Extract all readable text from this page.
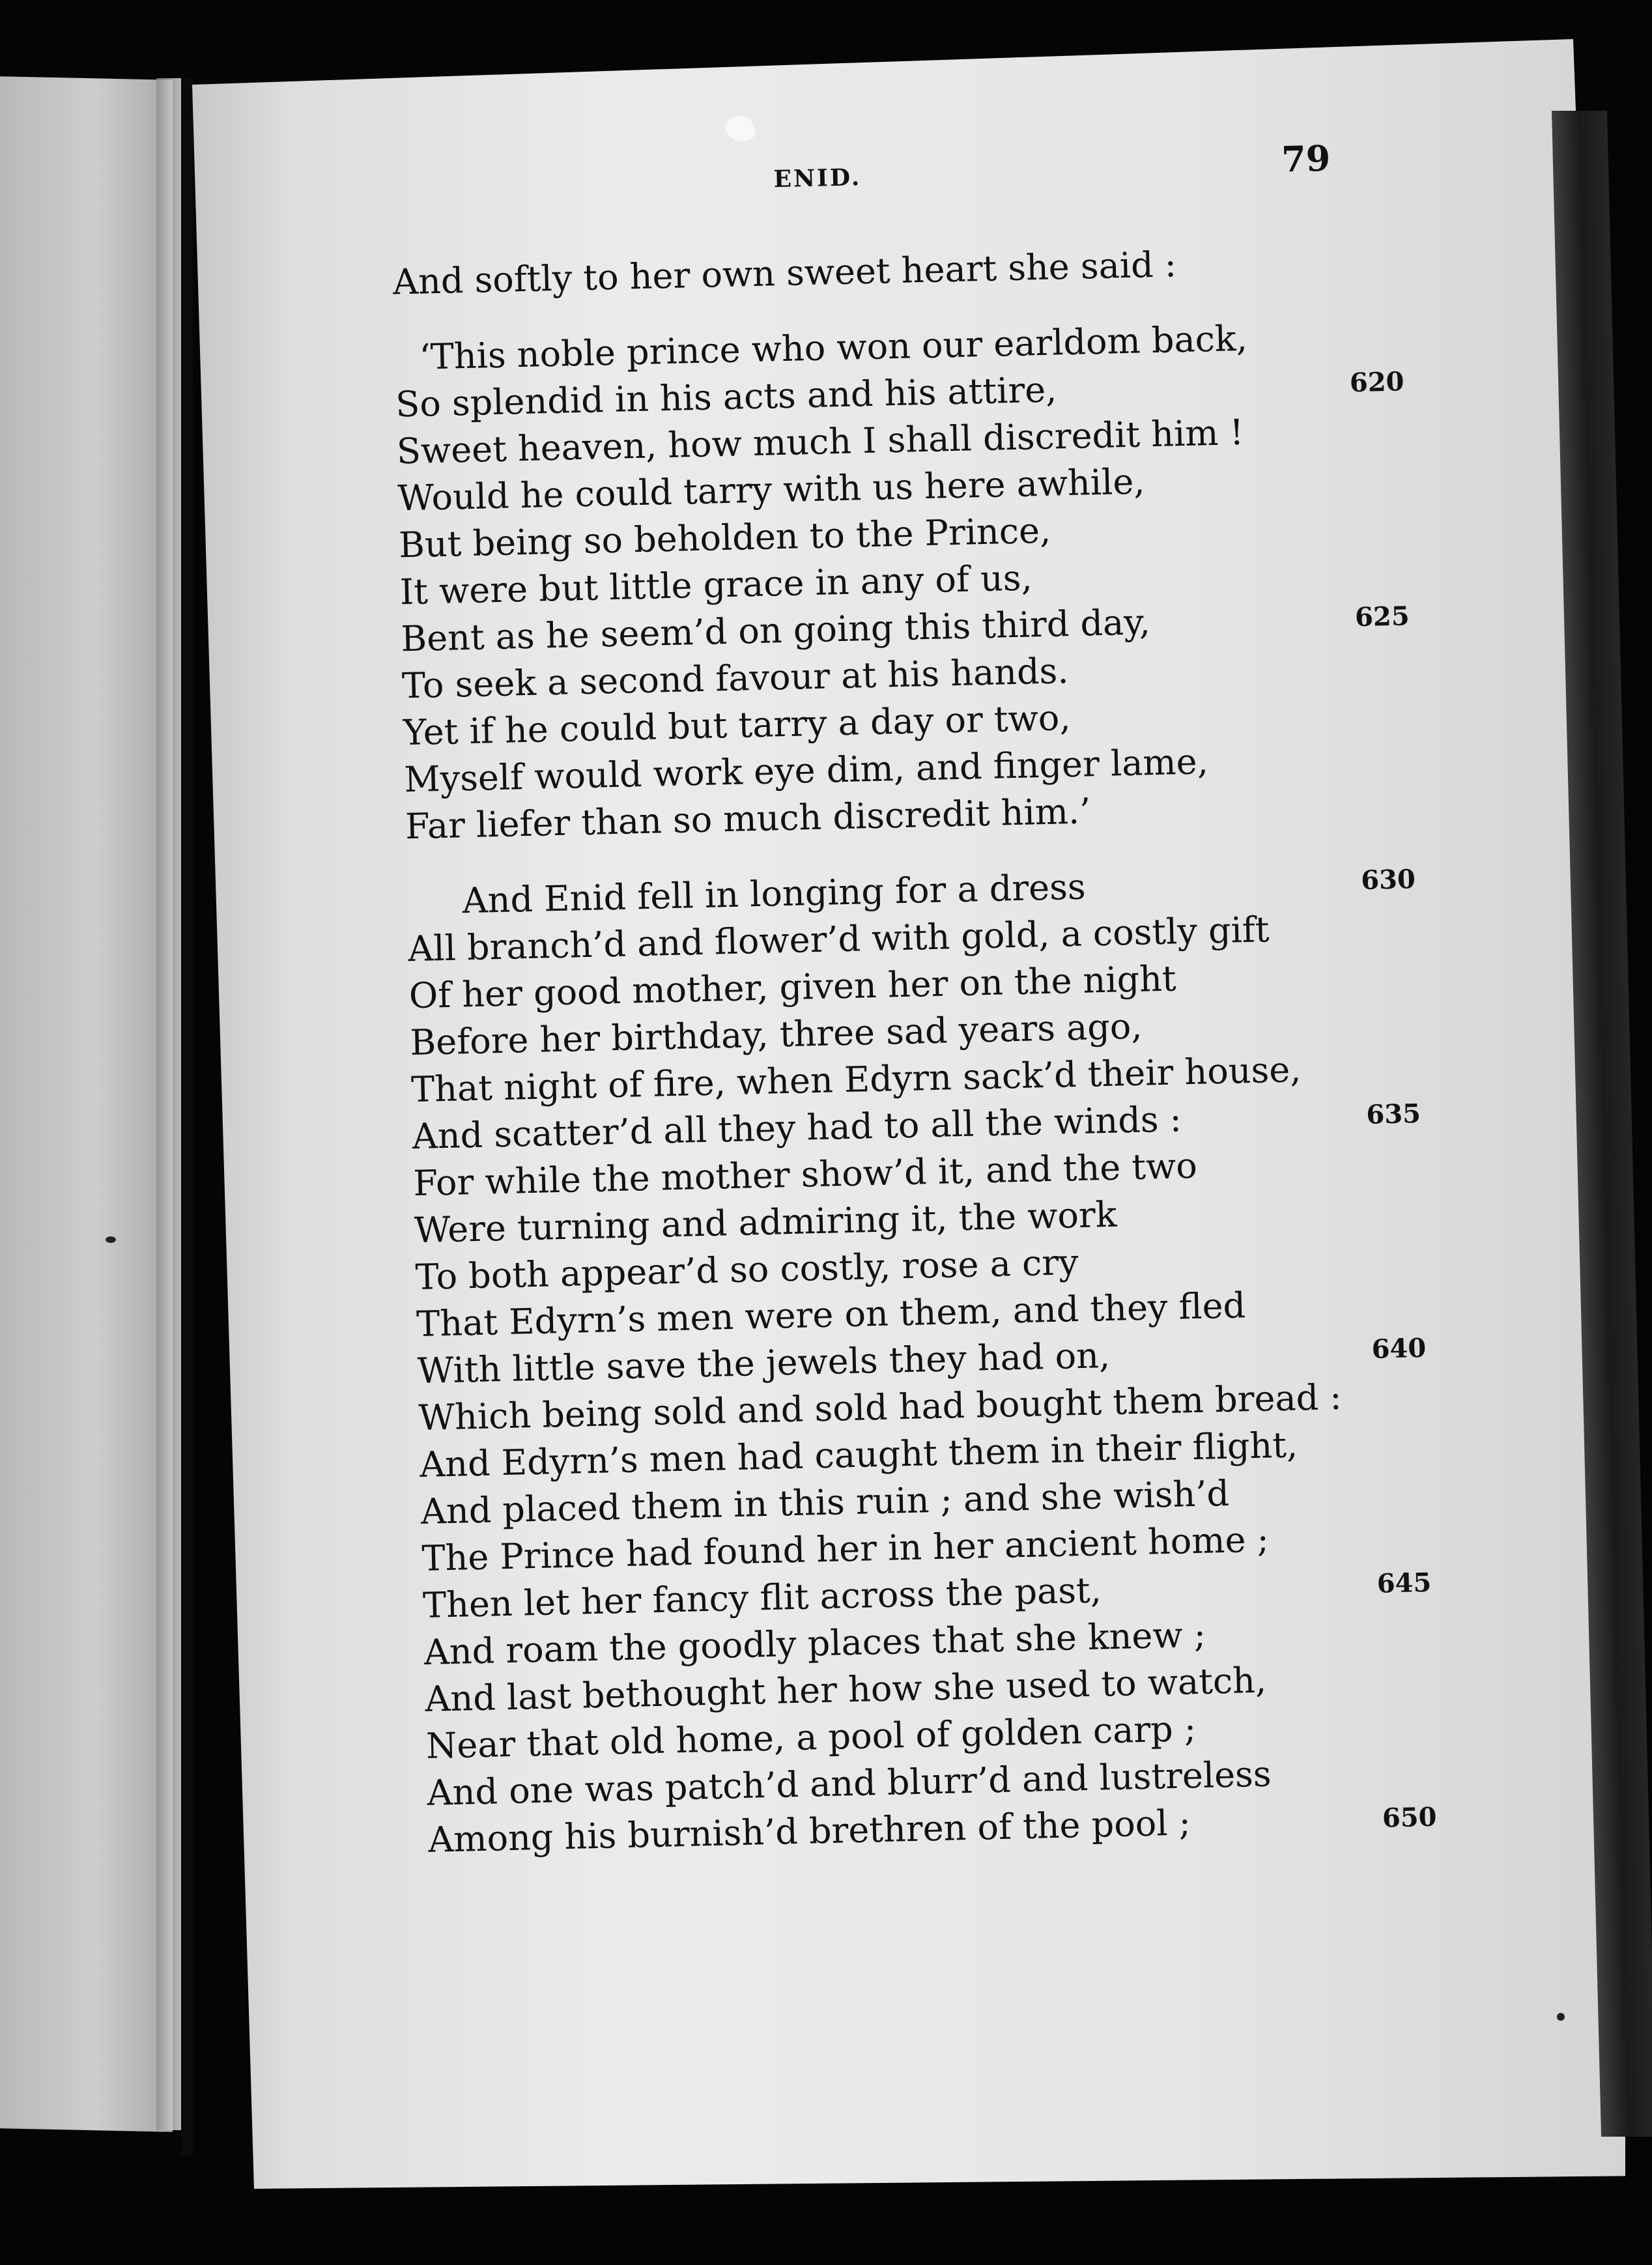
ENID.	79
And softly to her own sweet heart she said :
‘This noble prince who won our earldom back,
So splendid in his acts and his attire,	620
Sweet heaven, how much I shall discredit him !
Would he could tarry with us here awhile,
But being so beholden to the Prince,
It were but little grace in any of us,
Bent as he seem’d on going this third day,	625
To seek a second favour at his hands.
Yet if he could but tarry a day or two,
Myself would work eye dim, and finger lame,
Far liefer than so much discredit him.’
And Enid fell in longing for a dress	630
All branch’d and flower’d with gold, a costly gift
Of her good mother, given her on the night
Before her birthday, three sad years ago,
That night of fire, when Edyrn sack’d their house,
And scatter’d all they had to all the winds :	635
For while the mother show’d it, and the two
Were turning and admiring it, the work
To both appear’d so costly, rose a cry
That Edyrn’s men were on them, and they fled
With little save the jewels they had on,	640
Which being sold and sold had bought them bread :
And Edyrn’s men had caught them in their flight,
And placed them in this ruin ; and she wish’d
The Prince had found her in her ancient home ;
Then let her fancy flit across the past,	645
And roam the goodly places that she knew ;
And last bethought her how she used to watch,
Near that old home, a pool of golden carp ;
And one was patch’d and blurr’d and lustreless
Among his burnish’d brethren of the pool ;	650
